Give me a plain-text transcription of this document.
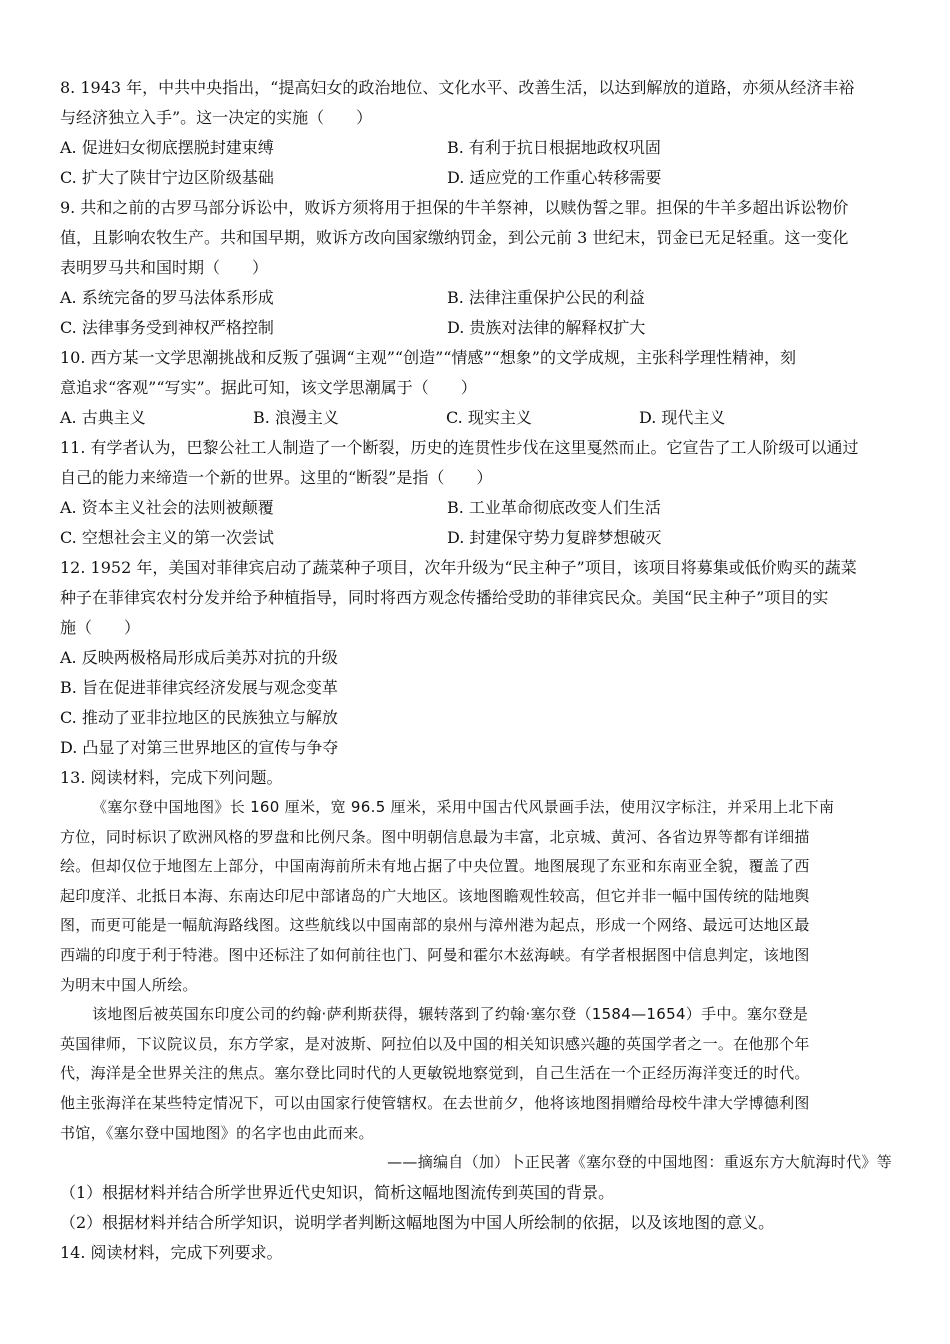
8. 1943 年，中共中央指出，“提高妇女的政治地位、文化水平、改善生活，以达到解放的道路，亦须从经济丰裕
与经济独立入手”。这一决定的实施（　　）
A. 促进妇女彻底摆脱封建束缚	B. 有利于抗日根据地政权巩固
C. 扩大了陕甘宁边区阶级基础	D. 适应党的工作重心转移需要
9. 共和之前的古罗马部分诉讼中，败诉方须将用于担保的牛羊祭神，以赎伪誓之罪。担保的牛羊多超出诉讼物价
值，且影响农牧生产。共和国早期，败诉方改向国家缴纳罚金，到公元前 3 世纪末，罚金已无足轻重。这一变化
表明罗马共和国时期（　　）
A. 系统完备的罗马法体系形成	B. 法律注重保护公民的利益
C. 法律事务受到神权严格控制	D. 贵族对法律的解释权扩大
10. 西方某一文学思潮挑战和反叛了强调“主观”“创造”“情感”“想象”的文学成规，主张科学理性精神，刻
意追求“客观”“写实”。据此可知，该文学思潮属于（　　）
A. 古典主义	B. 浪漫主义	C. 现实主义	D. 现代主义
11. 有学者认为，巴黎公社工人制造了一个断裂，历史的连贯性步伐在这里戛然而止。它宣告了工人阶级可以通过
自己的能力来缔造一个新的世界。这里的“断裂”是指（　　）
A. 资本主义社会的法则被颠覆	B. 工业革命彻底改变人们生活
C. 空想社会主义的第一次尝试	D. 封建保守势力复辟梦想破灭
12. 1952 年，美国对菲律宾启动了蔬菜种子项目，次年升级为“民主种子”项目，该项目将募集或低价购买的蔬菜
种子在菲律宾农村分发并给予种植指导，同时将西方观念传播给受助的菲律宾民众。美国“民主种子”项目的实
施（　　）
A. 反映两极格局形成后美苏对抗的升级
B. 旨在促进菲律宾经济发展与观念变革
C. 推动了亚非拉地区的民族独立与解放
D. 凸显了对第三世界地区的宣传与争夺
13. 阅读材料，完成下列问题。
《塞尔登中国地图》长 160 厘米，宽 96.5 厘米，采用中国古代风景画手法，使用汉字标注，并采用上北下南
方位，同时标识了欧洲风格的罗盘和比例尺条。图中明朝信息最为丰富，北京城、黄河、各省边界等都有详细描
绘。但却仅位于地图左上部分，中国南海前所未有地占据了中央位置。地图展现了东亚和东南亚全貌，覆盖了西
起印度洋、北抵日本海、东南达印尼中部诸岛的广大地区。该地图瞻观性较高，但它并非一幅中国传统的陆地舆
图，而更可能是一幅航海路线图。这些航线以中国南部的泉州与漳州港为起点，形成一个网络、最远可达地区最
西端的印度于利于特港。图中还标注了如何前往也门、阿曼和霍尔木兹海峡。有学者根据图中信息判定，该地图
为明末中国人所绘。
该地图后被英国东印度公司的约翰·萨利斯获得，辗转落到了约翰·塞尔登（1584—1654）手中。塞尔登是
英国律师，下议院议员，东方学家，是对波斯、阿拉伯以及中国的相关知识感兴趣的英国学者之一。在他那个年
代，海洋是全世界关注的焦点。塞尔登比同时代的人更敏锐地察觉到，自己生活在一个正经历海洋变迁的时代。
他主张海洋在某些特定情况下，可以由国家行使管辖权。在去世前夕，他将该地图捐赠给母校牛津大学博德利图
书馆，《塞尔登中国地图》的名字也由此而来。
——摘编自（加）卜正民著《塞尔登的中国地图：重返东方大航海时代》等
（1）根据材料并结合所学世界近代史知识，简析这幅地图流传到英国的背景。
（2）根据材料并结合所学知识，说明学者判断这幅地图为中国人所绘制的依据，以及该地图的意义。
14. 阅读材料，完成下列要求。
